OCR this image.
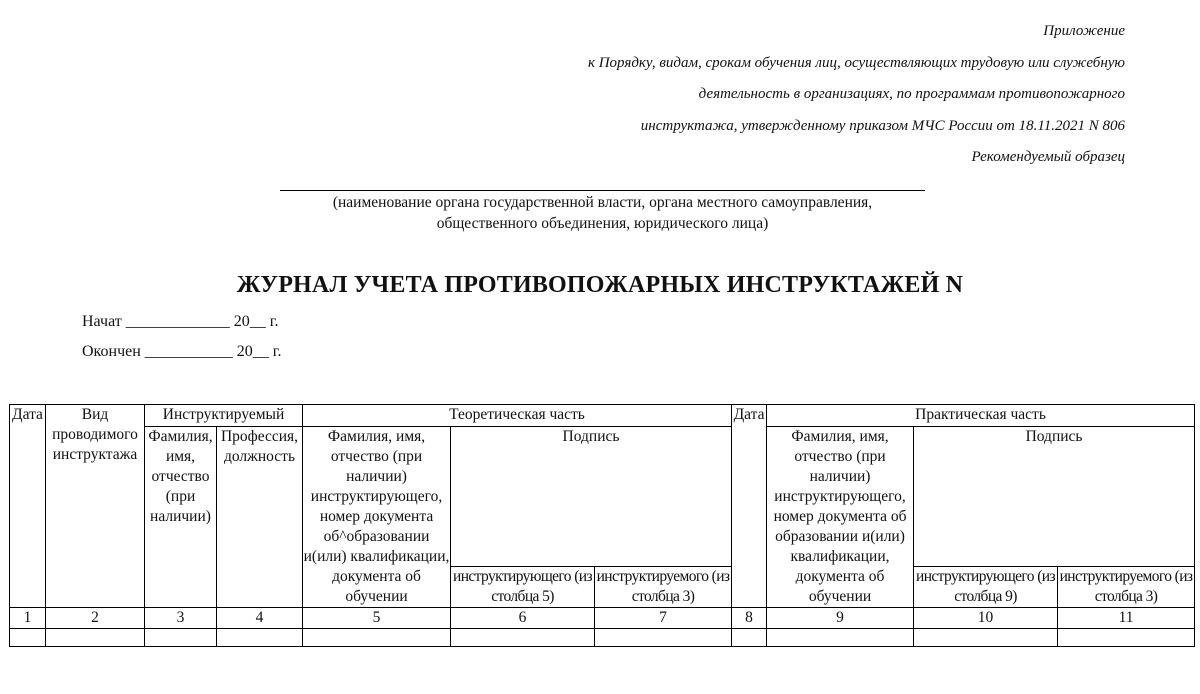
Приложение
к Порядку, видам, срокам обучения лиц, осуществляющих трудовую или служебную
деятельность в организациях, по программам противопожарного
инструктажа, утвержденному приказом МЧС России от 18.11.2021 N 806
Рекомендуемый образец
(наименование органа государственной власти, органа местного самоуправления,
общественного объединения, юридического лица)
ЖУРНАЛ УЧЕТА ПРОТИВОПОЖАРНЫХ ИНСТРУКТАЖЕЙ N
Начат _____________ 20__ г.
Окончен ___________ 20__ г.
Дата	Вид проводимого инструктажа	Инструктируемый		Теоретическая часть			Дата	Практическая часть		
		Фамилия, имя, отчество (при наличии)	Профессия, должность	Фамилия, имя, отчество (при наличии) инструктирующего, номер документа об^образовании и(или) квалификации, документа об обучении	Подпись			Фамилия, имя, отчество (при наличии) инструктирующего, номер документа об образовании и(или) квалификации, документа об обучении	Подпись	

					инструктирующего (из столбца 5)	инструктируемого (из столбца 3)			инструктирующего (из столбца 9)	инструктируемого (из столбца 3)

1	2	3	4	5	6	7	8	9	10	11
